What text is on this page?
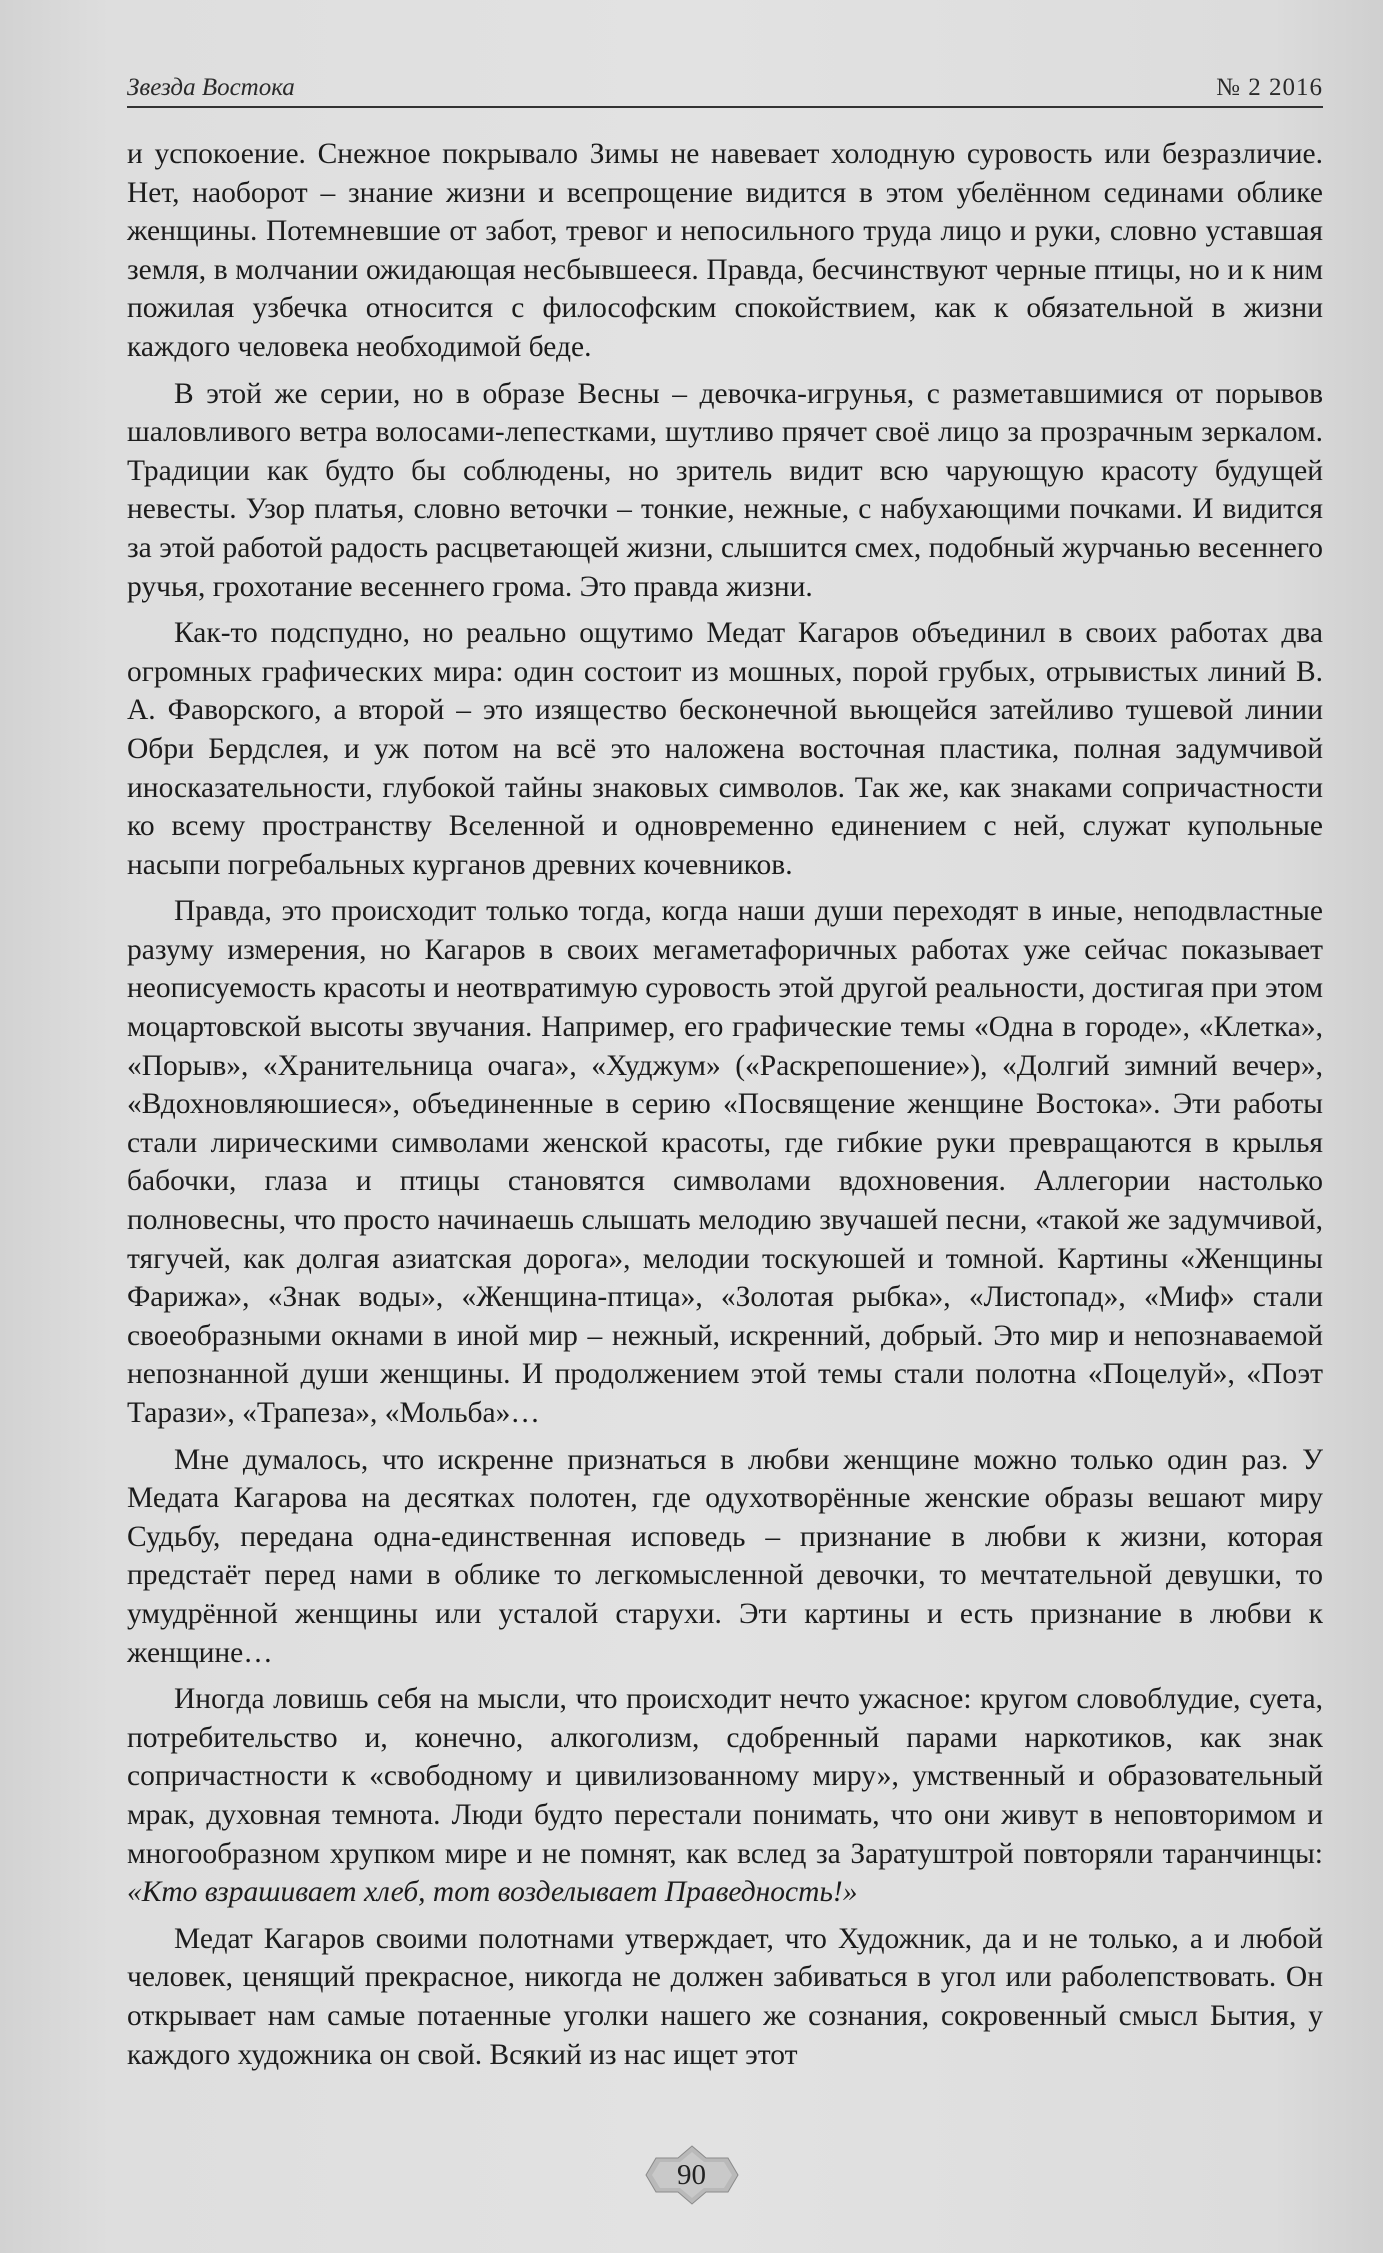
Звезда Востока	№ 2 2016

и успокоение. Снежное покрывало Зимы не навевает холодную суровость или безразличие. Нет, наоборот – знание жизни и всепрощение видится в этом убелённом сединами облике женщины. Потемневшие от забот, тревог и непосильного труда лицо и руки, словно уставшая земля, в молчании ожидающая несбывшееся. Правда, бесчинствуют черные птицы, но и к ним пожилая узбечка относится с философским спокойствием, как к обязательной в жизни каждого человека необходимой беде.

В этой же серии, но в образе Весны – девочка-игрунья, с разметавшимися от порывов шаловливого ветра волосами-лепестками, шутливо прячет своё лицо за прозрачным зеркалом. Традиции как будто бы соблюдены, но зритель видит всю чарующую красоту будущей невесты. Узор платья, словно веточки – тонкие, нежные, с набухающими почками. И видится за этой работой радость расцветающей жизни, слышится смех, подобный журчанью весеннего ручья, грохотание весеннего грома. Это правда жизни.

Как-то подспудно, но реально ощутимо Медат Кагаров объединил в своих работах два огромных графических мира: один состоит из мошных, порой грубых, отрывистых линий В. А. Фаворского, а второй – это изящество бесконечной вьющейся затейливо тушевой линии Обри Бердслея, и уж потом на всё это наложена восточная пластика, полная задумчивой иносказательности, глубокой тайны знаковых символов. Так же, как знаками сопричастности ко всему пространству Вселенной и одновременно единением с ней, служат купольные насыпи погребальных курганов древних кочевников.

Правда, это происходит только тогда, когда наши души переходят в иные, неподвластные разуму измерения, но Кагаров в своих мегаметафоричных работах уже сейчас показывает неописуемость красоты и неотвратимую суровость этой другой реальности, достигая при этом моцартовской высоты звучания. Например, его графические темы «Одна в городе», «Клетка», «Порыв», «Хранительница очага», «Худжум» («Раскрепошение»), «Долгий зимний вечер», «Вдохновляюшиеся», объединенные в серию «Посвящение женщине Востока». Эти работы стали лирическими символами женской красоты, где гибкие руки превращаются в крылья бабочки, глаза и птицы становятся символами вдохновения. Аллегории настолько полновесны, что просто начинаешь слышать мелодию звучашей песни, «такой же задумчивой, тягучей, как долгая азиатская дорога», мелодии тоскуюшей и томной. Картины «Женщины Фарижа», «Знак воды», «Женщина-птица», «Золотая рыбка», «Листопад», «Миф» стали своеобразными окнами в иной мир – нежный, искренний, добрый. Это мир и непознаваемой непознанной души женщины. И продолжением этой темы стали полотна «Поцелуй», «Поэт Тарази», «Трапеза», «Мольба»…

Мне думалось, что искренне признаться в любви женщине можно только один раз. У Медата Кагарова на десятках полотен, где одухотворённые женские образы вешают миру Судьбу, передана одна-единственная исповедь – признание в любви к жизни, которая предстаёт перед нами в облике то легкомысленной девочки, то мечтательной девушки, то умудрённой женщины или усталой старухи. Эти картины и есть признание в любви к женщине…

Иногда ловишь себя на мысли, что происходит нечто ужасное: кругом словоблудие, суета, потребительство и, конечно, алкоголизм, сдобренный парами наркотиков, как знак сопричастности к «свободному и цивилизованному миру», умственный и образовательный мрак, духовная темнота. Люди будто перестали понимать, что они живут в неповторимом и многообразном хрупком мире и не помнят, как вслед за Заратуштрой повторяли таранчинцы: «Кто взрашивает хлеб, тот возделывает Праведность!»

Медат Кагаров своими полотнами утверждает, что Художник, да и не только, а и любой человек, ценящий прекрасное, никогда не должен забиваться в угол или раболепствовать. Он открывает нам самые потаенные уголки нашего же сознания, сокровенный смысл Бытия, у каждого художника он свой. Всякий из нас ищет этот

90
